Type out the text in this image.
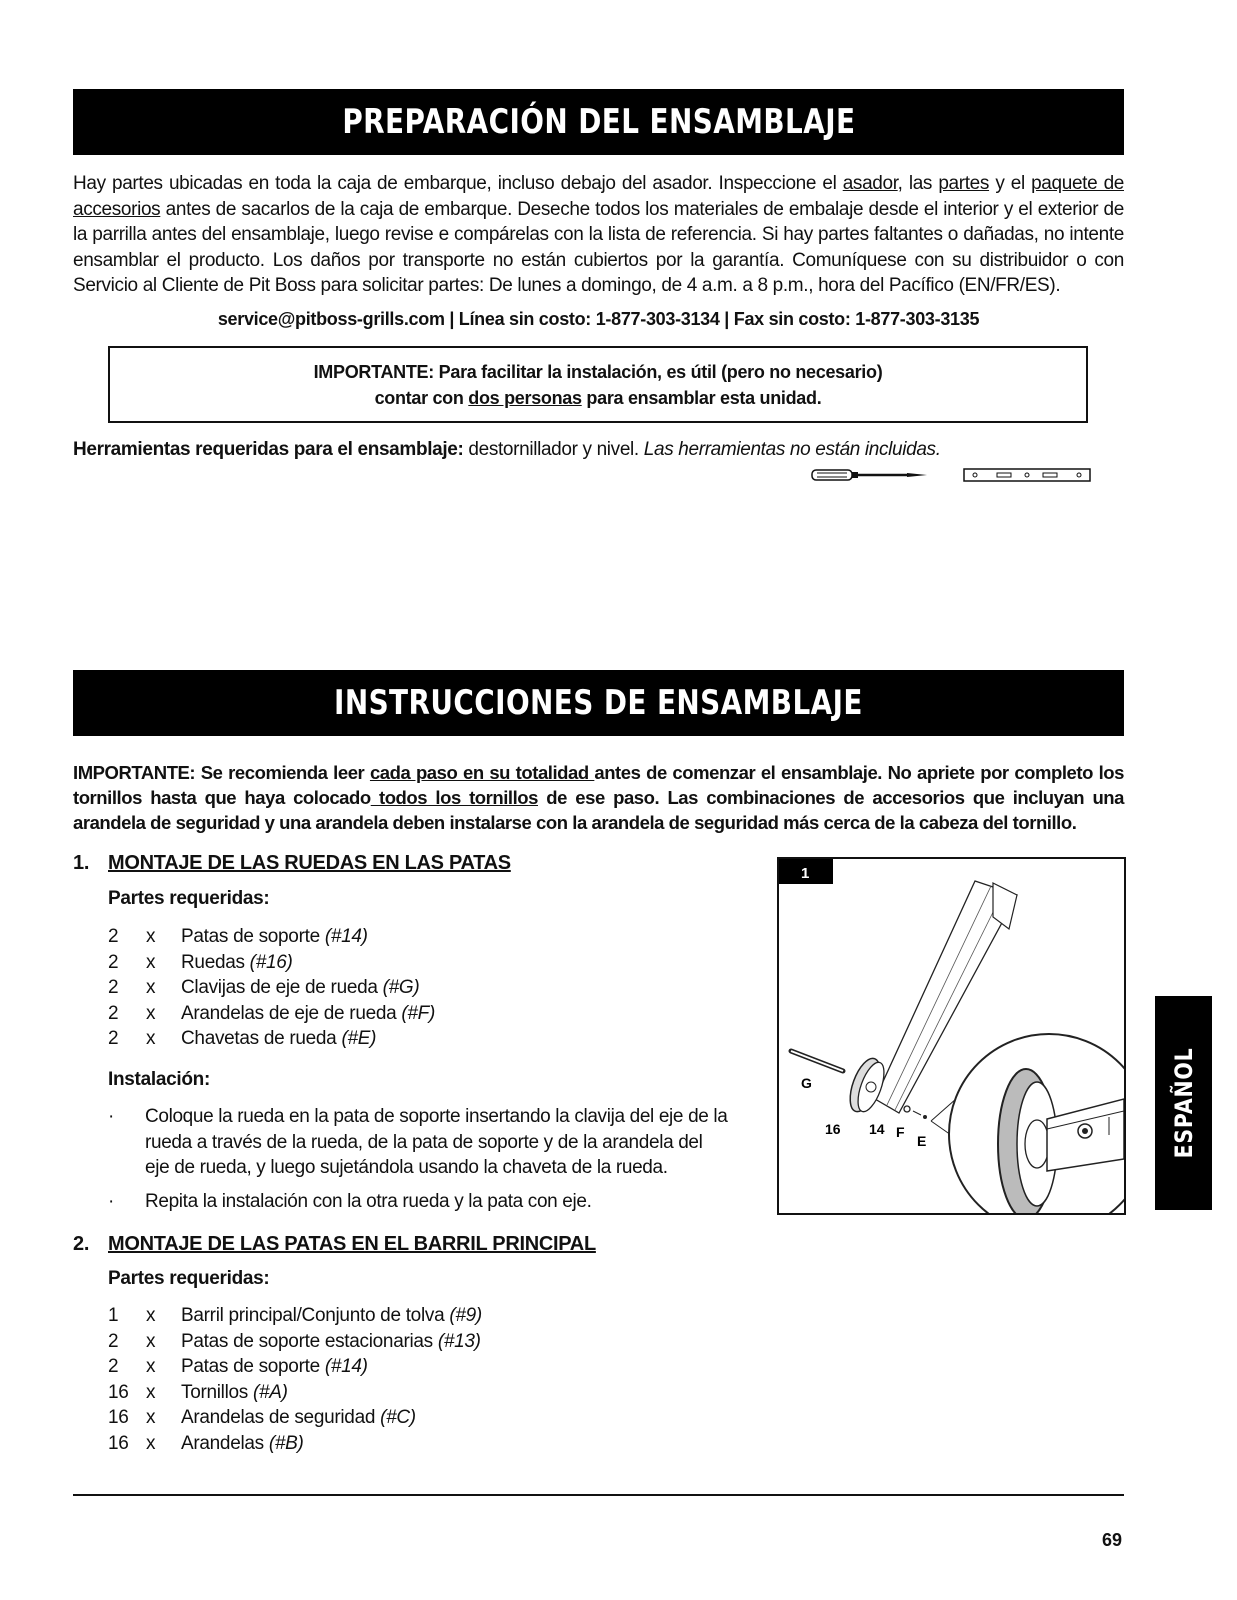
PREPARACIÓN DEL ENSAMBLAJE

Hay partes ubicadas en toda la caja de embarque, incluso debajo del asador. Inspeccione el asador, las partes y el paquete de accesorios antes de sacarlos de la caja de embarque. Deseche todos los materiales de embalaje desde el interior y el exterior de la parrilla antes del ensamblaje, luego revise e compárelas con la lista de referencia. Si hay partes faltantes o dañadas, no intente ensamblar el producto. Los daños por transporte no están cubiertos por la garantía. Comuníquese con su distribuidor o con Servicio al Cliente de Pit Boss para solicitar partes: De lunes a domingo, de 4 a.m. a 8 p.m., hora del Pacífico (EN/FR/ES).

service@pitboss-grills.com | Línea sin costo: 1-877-303-3134 | Fax sin costo: 1-877-303-3135
IMPORTANTE: Para facilitar la instalación, es útil (pero no necesario)
contar con dos personas para ensamblar esta unidad.
Herramientas requeridas para el ensamblaje: destornillador y nivel. Las herramientas no están incluidas.
INSTRUCCIONES DE ENSAMBLAJE

IMPORTANTE: Se recomienda leer cada paso en su totalidad antes de comenzar el ensamblaje. No apriete por completo los tornillos hasta que haya colocado todos los tornillos de ese paso. Las combinaciones de accesorios que incluyan una arandela de seguridad y una arandela deben instalarse con la arandela de seguridad más cerca de la cabeza del tornillo.

1. MONTAJE DE LAS RUEDAS EN LAS PATAS
Partes requeridas:
2	x	Patas de soporte (#14)
2	x	Ruedas (#16)
2	x	Clavijas de eje de rueda (#G)
2	x	Arandelas de eje de rueda (#F)
2	x	Chavetas de rueda (#E)
Instalación:
·	Coloque la rueda en la pata de soporte insertando la clavija del eje de la rueda a través de la rueda, de la pata de soporte y de la arandela del eje de rueda, y luego sujetándola usando la chaveta de la rueda.
·	Repita la instalación con la otra rueda y la pata con eje.
1
G
16 14 F
E
2. MONTAJE DE LAS PATAS EN EL BARRIL PRINCIPAL
Partes requeridas:
1	x	Barril principal/Conjunto de tolva (#9)
2	x	Patas de soporte estacionarias (#13)
2	x	Patas de soporte (#14)
16 x	Tornillos (#A)
16 x	Arandelas de seguridad (#C)
16 x	Arandelas (#B)
ESPAÑOL
69
